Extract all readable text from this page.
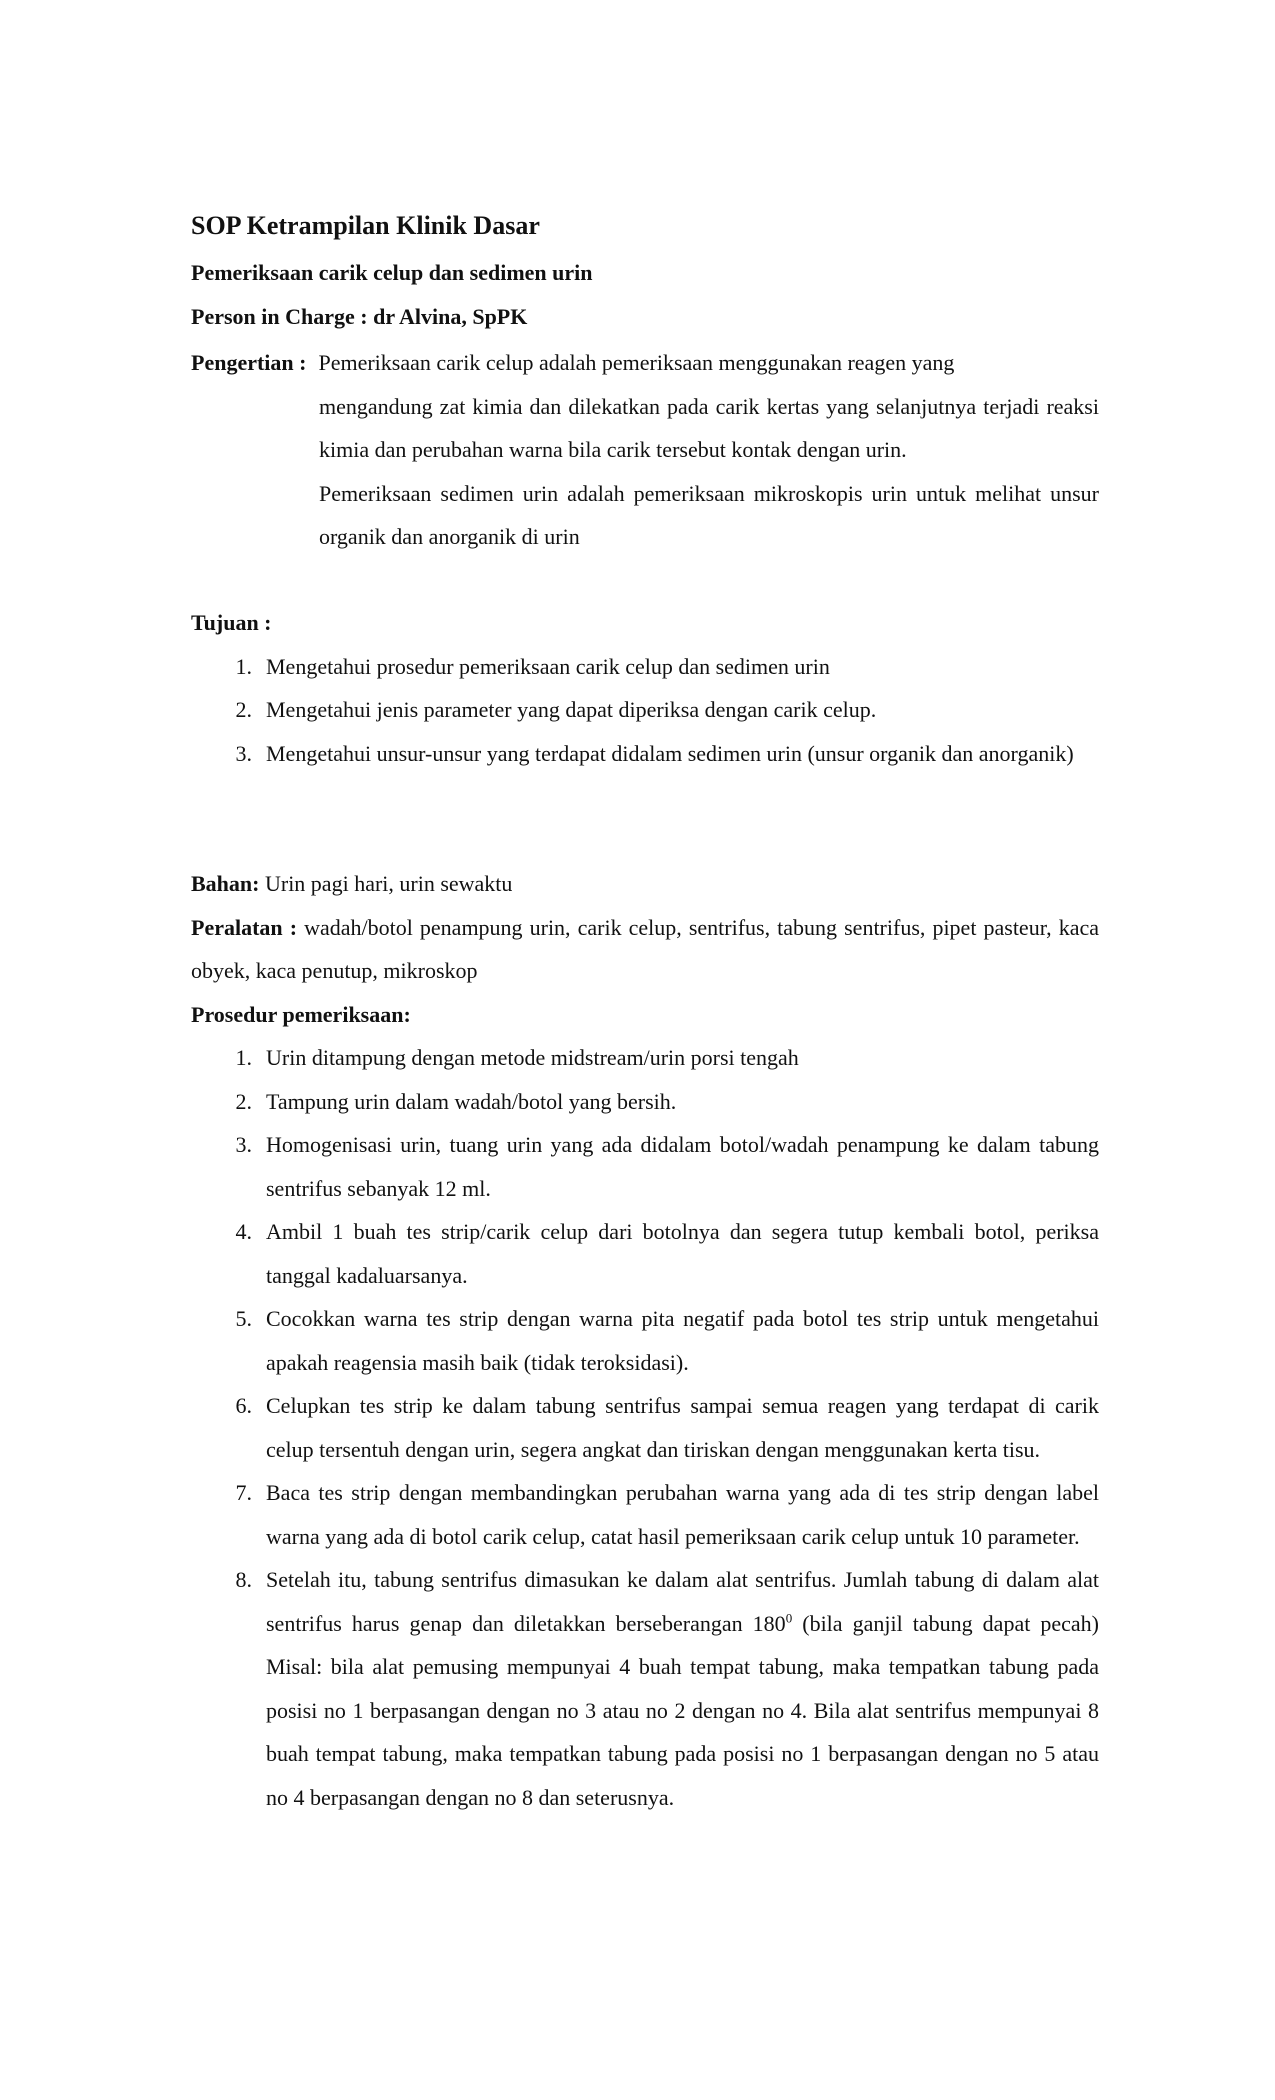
SOP Ketrampilan Klinik Dasar

Pemeriksaan carik celup dan sedimen urin

Person in Charge : dr Alvina, SpPK

Pengertian : Pemeriksaan carik celup adalah pemeriksaan menggunakan reagen yang
mengandung zat kimia dan dilekatkan pada carik kertas yang selanjutnya terjadi reaksi kimia dan perubahan warna bila carik tersebut kontak dengan urin.
Pemeriksaan sedimen urin adalah pemeriksaan mikroskopis urin untuk melihat unsur organik dan anorganik di urin
Tujuan :
1. Mengetahui prosedur pemeriksaan carik celup dan sedimen urin
2. Mengetahui jenis parameter yang dapat diperiksa dengan carik celup.
3. Mengetahui unsur-unsur yang terdapat didalam sedimen urin (unsur organik dan anorganik)
Bahan: Urin pagi hari, urin sewaktu
Peralatan : wadah/botol penampung urin, carik celup, sentrifus, tabung sentrifus, pipet pasteur, kaca obyek, kaca penutup, mikroskop
Prosedur pemeriksaan:
1. Urin ditampung dengan metode midstream/urin porsi tengah
2. Tampung urin dalam wadah/botol yang bersih.
3. Homogenisasi urin, tuang urin yang ada didalam botol/wadah penampung ke dalam tabung sentrifus sebanyak 12 ml.
4. Ambil 1 buah tes strip/carik celup dari botolnya dan segera tutup kembali botol, periksa tanggal kadaluarsanya.
5. Cocokkan warna tes strip dengan warna pita negatif pada botol tes strip untuk mengetahui apakah reagensia masih baik (tidak teroksidasi).
6. Celupkan tes strip ke dalam tabung sentrifus sampai semua reagen yang terdapat di carik celup tersentuh dengan urin, segera angkat dan tiriskan dengan menggunakan kerta tisu.
7. Baca tes strip dengan membandingkan perubahan warna yang ada di tes strip dengan label warna yang ada di botol carik celup, catat hasil pemeriksaan carik celup untuk 10 parameter.
8. Setelah itu, tabung sentrifus dimasukan ke dalam alat sentrifus. Jumlah tabung di dalam alat sentrifus harus genap dan diletakkan berseberangan $180^0$ (bila ganjil tabung dapat pecah) Misal: bila alat pemusing mempunyai 4 buah tempat tabung, maka tempatkan tabung pada posisi no 1 berpasangan dengan no 3 atau no 2 dengan no 4. Bila alat sentrifus mempunyai 8 buah tempat tabung, maka tempatkan tabung pada posisi no 1 berpasangan dengan no 5 atau no 4 berpasangan dengan no 8 dan seterusnya.
